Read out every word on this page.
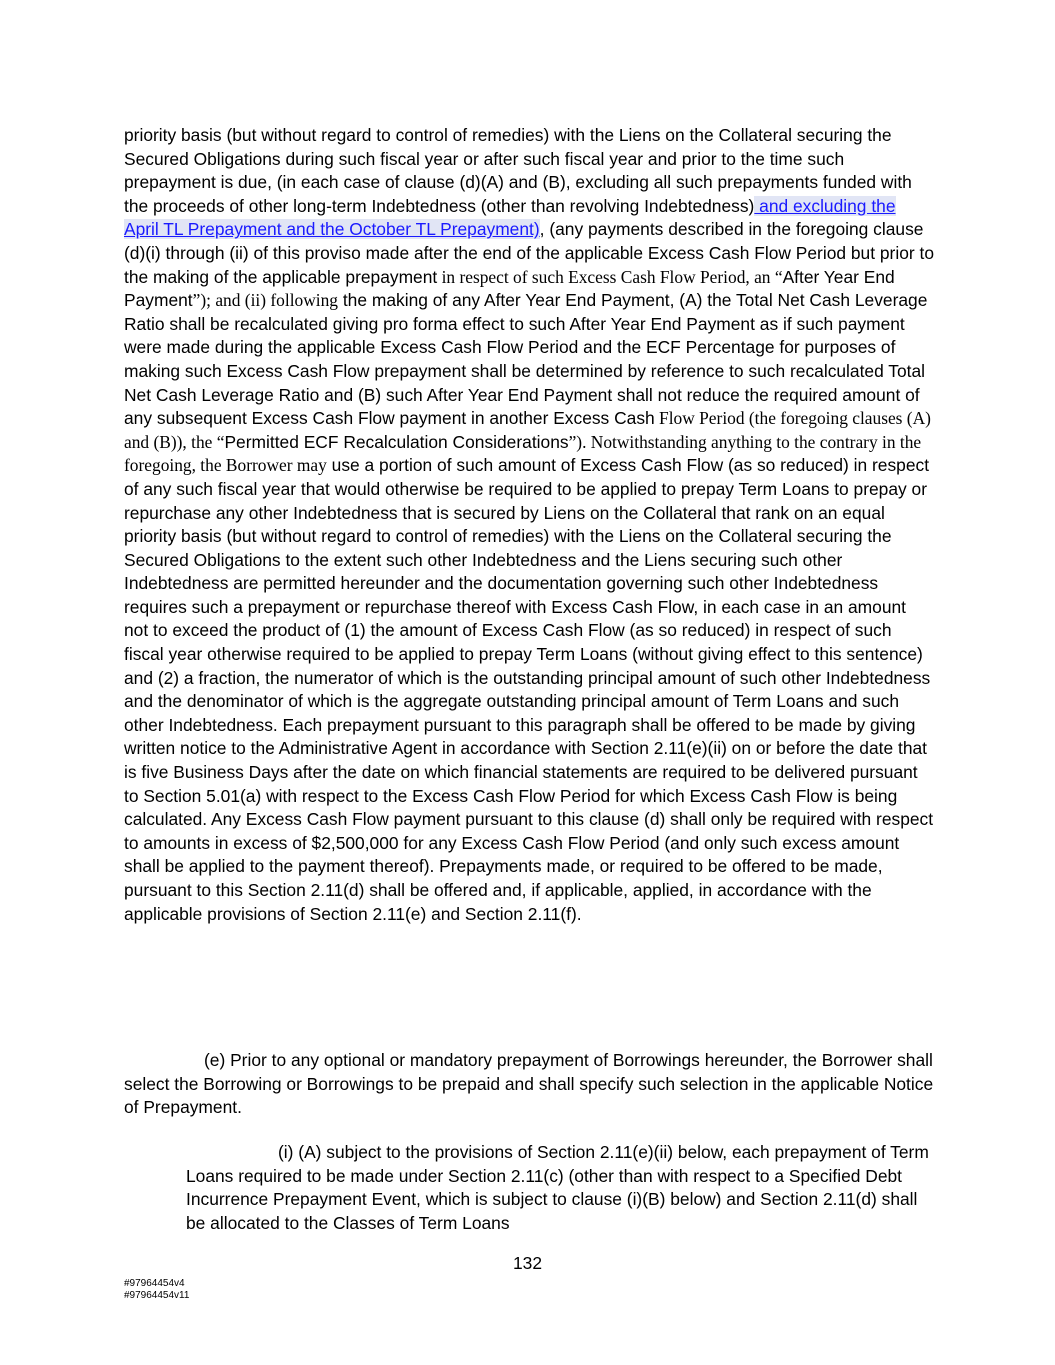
priority basis (but without regard to control of remedies) with the Liens on the Collateral securing the Secured Obligations during such fiscal year or after such fiscal year and prior to the time such prepayment is due, (in each case of clause (d)(A) and (B), excluding all such prepayments funded with the proceeds of other long-term Indebtedness (other than revolving Indebtedness) and excluding the April TL Prepayment and the October TL Prepayment), (any payments described in the foregoing clause (d)(i) through (ii) of this proviso made after the end of the applicable Excess Cash Flow Period but prior to the making of the applicable prepayment in respect of such Excess Cash Flow Period, an “After Year End Payment”); and (ii) following the making of any After Year End Payment, (A) the Total Net Cash Leverage Ratio shall be recalculated giving pro forma effect to such After Year End Payment as if such payment were made during the applicable Excess Cash Flow Period and the ECF Percentage for purposes of making such Excess Cash Flow prepayment shall be determined by reference to such recalculated Total Net Cash Leverage Ratio and (B) such After Year End Payment shall not reduce the required amount of any subsequent Excess Cash Flow payment in another Excess Cash Flow Period (the foregoing clauses (A) and (B)), the “Permitted ECF Recalculation Considerations”). Notwithstanding anything to the contrary in the foregoing, the Borrower may use a portion of such amount of Excess Cash Flow (as so reduced) in respect of any such fiscal year that would otherwise be required to be applied to prepay Term Loans to prepay or repurchase any other Indebtedness that is secured by Liens on the Collateral that rank on an equal priority basis (but without regard to control of remedies) with the Liens on the Collateral securing the Secured Obligations to the extent such other Indebtedness and the Liens securing such other Indebtedness are permitted hereunder and the documentation governing such other Indebtedness requires such a prepayment or repurchase thereof with Excess Cash Flow, in each case in an amount not to exceed the product of (1) the amount of Excess Cash Flow (as so reduced) in respect of such fiscal year otherwise required to be applied to prepay Term Loans (without giving effect to this sentence) and (2) a fraction, the numerator of which is the outstanding principal amount of such other Indebtedness and the denominator of which is the aggregate outstanding principal amount of Term Loans and such other Indebtedness. Each prepayment pursuant to this paragraph shall be offered to be made by giving written notice to the Administrative Agent in accordance with Section 2.11(e)(ii) on or before the date that is five Business Days after the date on which financial statements are required to be delivered pursuant to Section 5.01(a) with respect to the Excess Cash Flow Period for which Excess Cash Flow is being calculated. Any Excess Cash Flow payment pursuant to this clause (d) shall only be required with respect to amounts in excess of $2,500,000 for any Excess Cash Flow Period (and only such excess amount shall be applied to the payment thereof). Prepayments made, or required to be offered to be made, pursuant to this Section 2.11(d) shall be offered and, if applicable, applied, in accordance with the applicable provisions of Section 2.11(e) and Section 2.11(f).

(e) Prior to any optional or mandatory prepayment of Borrowings hereunder, the Borrower shall select the Borrowing or Borrowings to be prepaid and shall specify such selection in the applicable Notice of Prepayment.

(i) (A) subject to the provisions of Section 2.11(e)(ii) below, each prepayment of Term Loans required to be made under Section 2.11(c) (other than with respect to a Specified Debt Incurrence Prepayment Event, which is subject to clause (i)(B) below) and Section 2.11(d) shall be allocated to the Classes of Term Loans

132
#97964454v4
#97964454v11
